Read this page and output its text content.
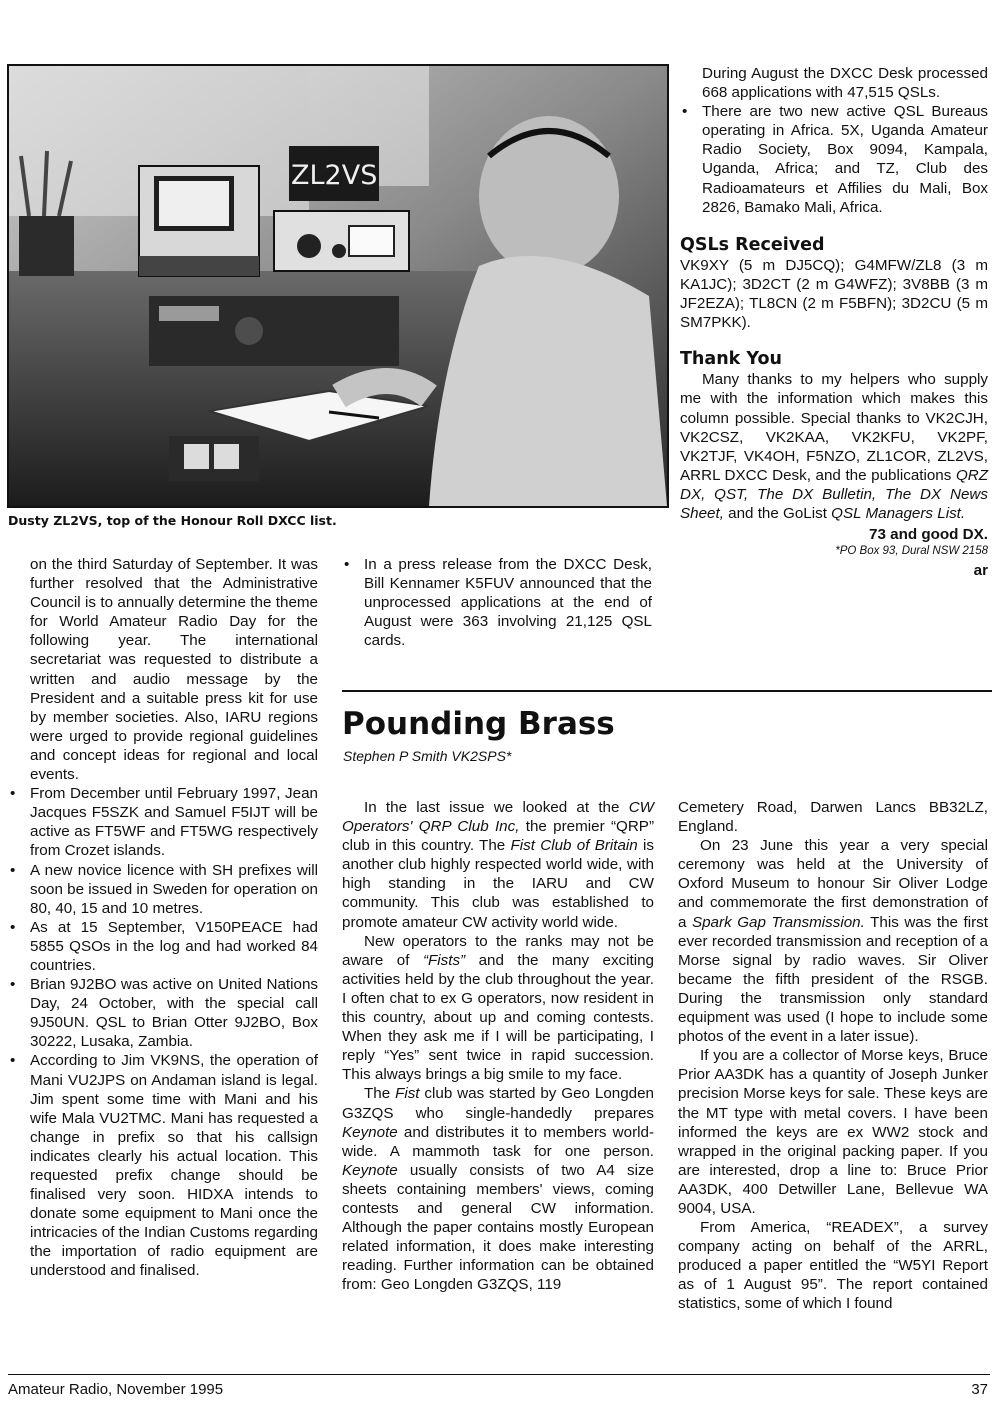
ZL2VS
Dusty ZL2VS, top of the Honour Roll DXCC list.

During August the DXCC Desk processed 668 applications with 47,515 QSLs.

• There are two new active QSL Bureaus operating in Africa. 5X, Uganda Amateur Radio Society, Box 9094, Kampala, Uganda, Africa; and TZ, Club des Radioamateurs et Affilies du Mali, Box 2826, Bamako Mali, Africa.

QSLs Received

VK9XY (5 m DJ5CQ); G4MFW/ZL8 (3 m KA1JC); 3D2CT (2 m G4WFZ); 3V8BB (3 m JF2EZA); TL8CN (2 m F5BFN); 3D2CU (5 m SM7PKK).

Thank You

Many thanks to my helpers who supply me with the information which makes this column possible. Special thanks to VK2CJH, VK2CSZ, VK2KAA, VK2KFU, VK2PF, VK2TJF, VK4OH, F5NZO, ZL1COR, ZL2VS, ARRL DXCC Desk, and the publications QRZ DX, QST, The DX Bulletin, The DX News Sheet, and the GoList QSL Managers List.

73 and good DX.

*PO Box 93, Dural NSW 2158

ar

on the third Saturday of September. It was further resolved that the Administrative Council is to annually determine the theme for World Amateur Radio Day for the following year. The international secretariat was requested to distribute a written and audio message by the President and a suitable press kit for use by member societies. Also, IARU regions were urged to provide regional guidelines and concept ideas for regional and local events.

• From December until February 1997, Jean Jacques F5SZK and Samuel F5IJT will be active as FT5WF and FT5WG respectively from Crozet islands.

• A new novice licence with SH prefixes will soon be issued in Sweden for operation on 80, 40, 15 and 10 metres.

• As at 15 September, V150PEACE had 5855 QSOs in the log and had worked 84 countries.

• Brian 9J2BO was active on United Nations Day, 24 October, with the special call 9J50UN. QSL to Brian Otter 9J2BO, Box 30222, Lusaka, Zambia.

• According to Jim VK9NS, the operation of Mani VU2JPS on Andaman island is legal. Jim spent some time with Mani and his wife Mala VU2TMC. Mani has requested a change in prefix so that his callsign indicates clearly his actual location. This requested prefix change should be finalised very soon. HIDXA intends to donate some equipment to Mani once the intricacies of the Indian Customs regarding the importation of radio equipment are understood and finalised.

• In a press release from the DXCC Desk, Bill Kennamer K5FUV announced that the unprocessed applications at the end of August were 363 involving 21,125 QSL cards.

Pounding Brass
Stephen P Smith VK2SPS*

In the last issue we looked at the CW Operators' QRP Club Inc, the premier “QRP” club in this country. The Fist Club of Britain is another club highly respected world wide, with high standing in the IARU and CW community. This club was established to promote amateur CW activity world wide.

New operators to the ranks may not be aware of “Fists” and the many exciting activities held by the club throughout the year. I often chat to ex G operators, now resident in this country, about up and coming contests. When they ask me if I will be participating, I reply “Yes” sent twice in rapid succession. This always brings a big smile to my face.

The Fist club was started by Geo Longden G3ZQS who single-handedly prepares Keynote and distributes it to members world-wide. A mammoth task for one person. Keynote usually consists of two A4 size sheets containing members' views, coming contests and general CW information. Although the paper contains mostly European related information, it does make interesting reading. Further information can be obtained from: Geo Longden G3ZQS, 119

Cemetery Road, Darwen Lancs BB32LZ, England.

On 23 June this year a very special ceremony was held at the University of Oxford Museum to honour Sir Oliver Lodge and commemorate the first demonstration of a Spark Gap Transmission. This was the first ever recorded transmission and reception of a Morse signal by radio waves. Sir Oliver became the fifth president of the RSGB. During the transmission only standard equipment was used (I hope to include some photos of the event in a later issue).

If you are a collector of Morse keys, Bruce Prior AA3DK has a quantity of Joseph Junker precision Morse keys for sale. These keys are the MT type with metal covers. I have been informed the keys are ex WW2 stock and wrapped in the original packing paper. If you are interested, drop a line to: Bruce Prior AA3DK, 400 Detwiller Lane, Bellevue WA 9004, USA.

From America, “READEX”, a survey company acting on behalf of the ARRL, produced a paper entitled the “W5YI Report as of 1 August 95”. The report contained statistics, some of which I found

Amateur Radio, November 1995	37
